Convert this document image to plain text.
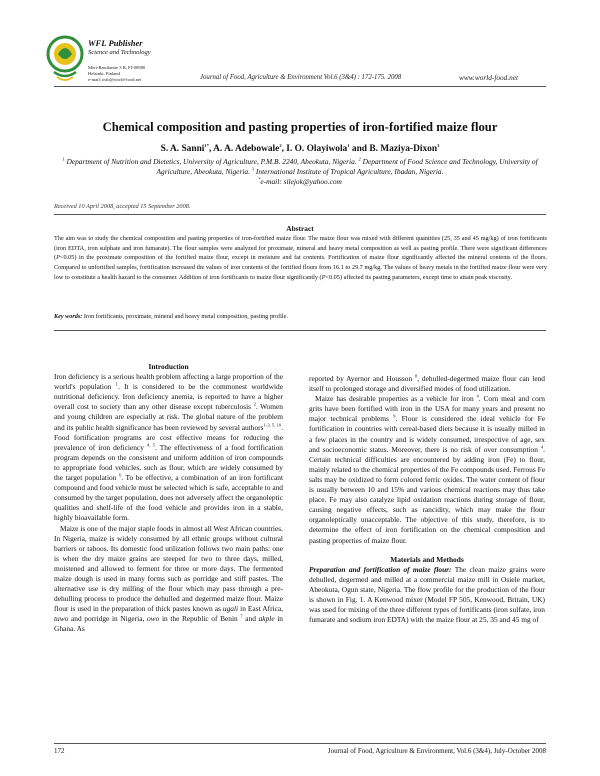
WFL Publisher
Science and Technology
Meri-Rastilantie 3 B, FI-00980
Helsinki, Finland
e-mail: info@world-food.net	Journal of Food, Agriculture & Environment Vol.6 (3&4) : 172-175. 2008	www.world-food.net
Chemical composition and pasting properties of iron-fortified maize flour
S. A. Sanni$^{1*}$, A. A. Adebowale$^2$, I. O. Olayiwola$^1$ and B. Maziya-Dixon$^3$
$^1$ Department of Nutrition and Dietetics, University of Agriculture, P.M.B. 2240, Abeokuta, Nigeria. $^2$ Department of Food Science and Technology, University of Agriculture, Abeokuta, Nigeria. $^3$ International Institute of Tropical Agriculture, Ibadan, Nigeria.
*e-mail: silejok@yahoo.com
Received 10 April 2008, accepted 15 September 2008.
Abstract
The aim was to study the chemical composition and pasting properties of iron-fortified maize flour. The maize flour was mixed with different quantities (25, 35 and 45 mg/kg) of iron fortificants (iron EDTA, iron sulphate and iron fumarate). The flour samples were analyzed for proximate, mineral and heavy metal composition as well as pasting profile. There were significant differences (P<0.05) in the proximate composition of the fortified maize flour, except in moisture and fat contents. Fortification of maize flour significantly affected the mineral contents of the flours. Compared to unfortified samples, fortification increased the values of iron contents of the fortified flours from 16.1 to 29.7 mg/kg. The values of heavy metals in the fortified maize flour were very low to constitute a health hazard to the consumer. Addition of iron fortificants to maize flour significantly (P<0.05) affected its pasting parameters, except time to attain peak viscosity.
Key words: Iron fortificants, proximate, mineral and heavy metal composition, pasting profile.
Introduction

Iron deficiency is a serious health problem affecting a large proportion of the world's population $^1$. It is considered to be the commonest worldwide nutritional deficiency. Iron deficiency anemia, is reported to have a higher overall cost to society than any other disease except tuberculosis $^2$. Women and young children are especially at risk. The global nature of the problem and its public health significance has been reviewed by several authors$^{1-3, 5, 10}$. Food fortification programs are cost effective means for reducing the prevalence of iron deficiency $^{4, 5}$. The effectiveness of a food fortification program depends on the consistent and uniform addition of iron compounds to appropriate food vehicles, such as flour, which are widely consumed by the target population $^6$. To be effective, a combination of an iron fortificant compound and food vehicle must be selected which is safe, acceptable to and consumed by the target population, does not adversely affect the organoleptic qualities and shelf-life of the food vehicle and provides iron in a stable, highly bioavailable form.

Maize is one of the major staple foods in almost all West African countries. In Nigeria, maize is widely consumed by all ethnic groups without cultural barriers or taboos. Its domestic food utilization follows two main paths: one is when the dry maize grains are steeped for two to three days, milled, moistened and allowed to ferment for three or more days. The fermented maize dough is used in many forms such as porridge and stiff pastes. The alternative use is dry milling of the flour which may pass through a pre-dehulling process to produce the dehulled and degermed maize flour. Maize flour is used in the preparation of thick pastes known as ugali in East Africa, tuwo and porridge in Nigeria, owo in the Republic of Benin $^7$ and akple in Ghana. As

reported by Ayernor and Housson $^8$, dehulled-degermed maize flour can lend itself to prolonged storage and diversified modes of food utilization.

Maize has desirable properties as a vehicle for iron $^4$. Corn meal and corn grits have been fortified with iron in the USA for many years and present no major technical problems $^9$. Flour is considered the ideal vehicle for Fe fortification in countries with cereal-based diets because it is usually milled in a few places in the country and is widely consumed, irrespective of age, sex and socioeconomic status. Moreover, there is no risk of over consumption $^4$. Certain technical difficulties are encountered by adding iron (Fe) to flour, mainly related to the chemical properties of the Fe compounds used. Ferrous Fe salts may be oxidized to form colored ferric oxides. The water content of flour is usually between 10 and 15% and various chemical reactions may thus take place. Fe may also catalyze lipid oxidation reactions during storage of flour, causing negative effects, such as rancidity, which may make the flour organoleptically unacceptable. The objective of this study, therefore, is to determine the effect of iron fortification on the chemical composition and pasting properties of maize flour.

Materials and Methods

Preparation and fortification of maize flour: The clean maize grains were dehulled, degermed and milled at a commercial maize mill in Osiele market, Abeokuta, Ogun state, Nigeria. The flow profile for the production of the flour is shown in Fig. 1. A Kenwood mixer (Model FP 505, Kenwood, Britain, UK) was used for mixing of the three different types of fortificants (iron sulfate, iron fumarate and sodium iron EDTA) with the maize flour at 25, 35 and 45 mg of

172	Journal of Food, Agriculture & Environment, Vol.6 (3&4), July-October 2008
